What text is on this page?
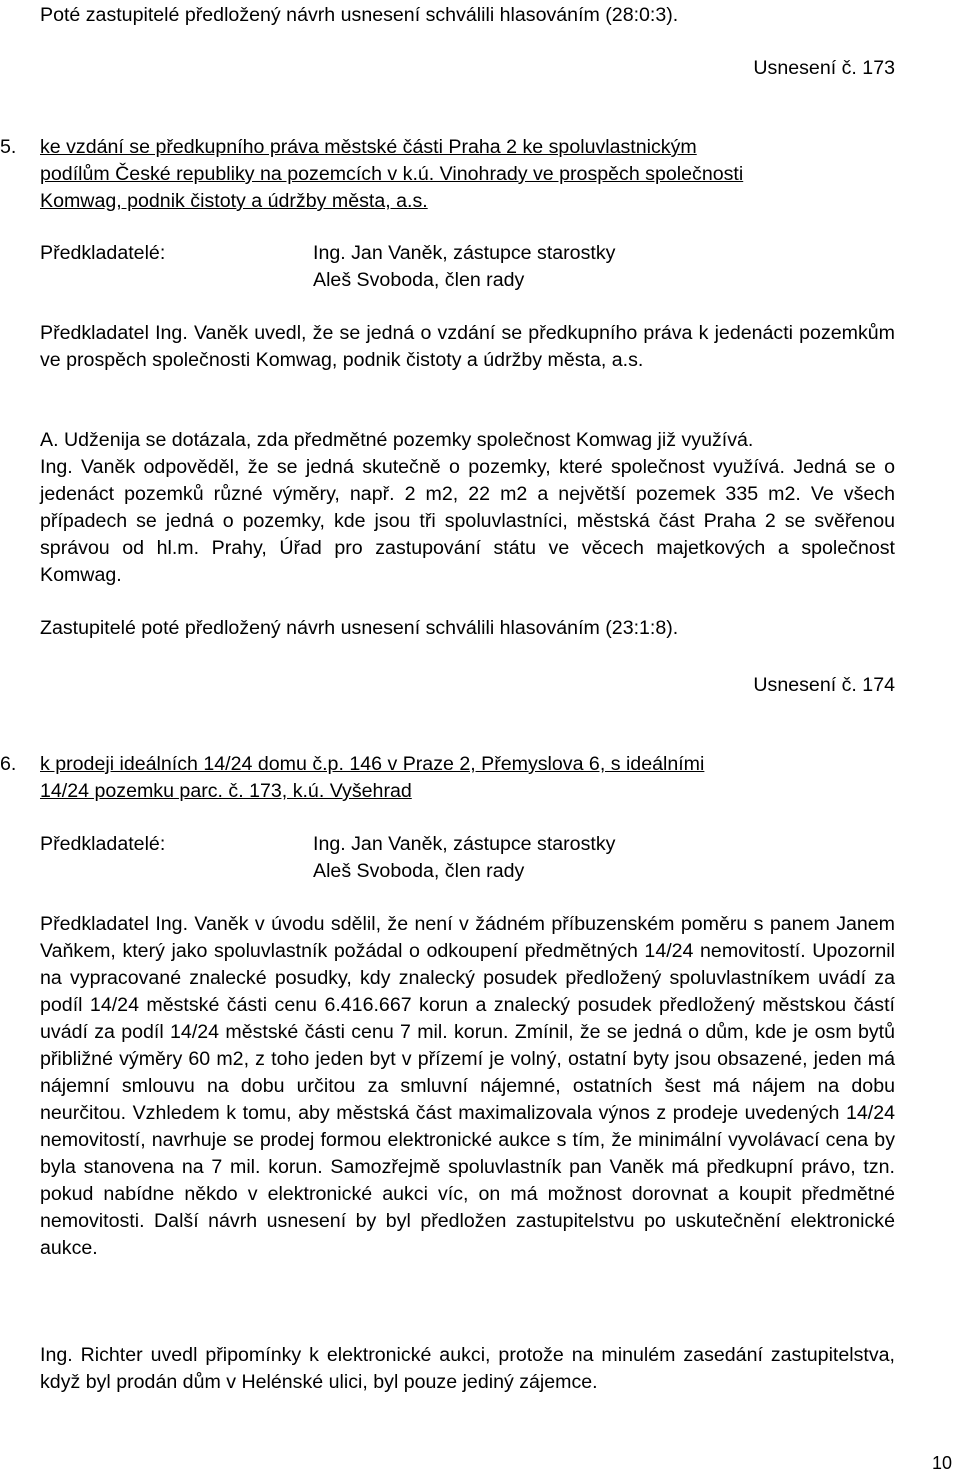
Poté zastupitelé předložený návrh usnesení schválili hlasováním (28:0:3).

Usnesení č. 173
5. ke vzdání se předkupního práva městské části Praha 2 ke spoluvlastnickým
podílům České republiky na pozemcích v k.ú. Vinohrady ve prospěch společnosti
Komwag, podnik čistoty a údržby města, a.s.
Předkladatelé:	Ing. Jan Vaněk, zástupce starostky
Aleš Svoboda, člen rady

Předkladatel Ing. Vaněk uvedl, že se jedná o vzdání se předkupního práva k jedenácti pozemkům ve prospěch společnosti Komwag, podnik čistoty a údržby města, a.s.

A. Udženija se dotázala, zda předmětné pozemky společnost Komwag již využívá.
Ing. Vaněk odpověděl, že se jedná skutečně o pozemky, které společnost využívá. Jedná se o jedenáct pozemků různé výměry, např. 2 m2, 22 m2 a největší pozemek 335 m2. Ve všech případech se jedná o pozemky, kde jsou tři spoluvlastníci, městská část Praha 2 se svěřenou správou od hl.m. Prahy, Úřad pro zastupování státu ve věcech majetkových a společnost Komwag.

Zastupitelé poté předložený návrh usnesení schválili hlasováním (23:1:8).

Usnesení č. 174
6. k prodeji ideálních 14/24 domu č.p. 146 v Praze 2, Přemyslova 6, s ideálními
14/24 pozemku parc. č. 173, k.ú. Vyšehrad
Předkladatelé:	Ing. Jan Vaněk, zástupce starostky
Aleš Svoboda, člen rady

Předkladatel Ing. Vaněk v úvodu sdělil, že není v žádném příbuzenském poměru s panem Janem Vaňkem, který jako spoluvlastník požádal o odkoupení předmětných 14/24 nemovitostí. Upozornil na vypracované znalecké posudky, kdy znalecký posudek předložený spoluvlastníkem uvádí za podíl 14/24 městské části cenu 6.416.667 korun a znalecký posudek předložený městskou částí uvádí za podíl 14/24 městské části cenu 7 mil. korun. Zmínil, že se jedná o dům, kde je osm bytů přibližné výměry 60 m2, z toho jeden byt v přízemí je volný, ostatní byty jsou obsazené, jeden má nájemní smlouvu na dobu určitou za smluvní nájemné, ostatních šest má nájem na dobu neurčitou. Vzhledem k tomu, aby městská část maximalizovala výnos z prodeje uvedených 14/24 nemovitostí, navrhuje se prodej formou elektronické aukce s tím, že minimální vyvolávací cena by byla stanovena na 7 mil. korun. Samozřejmě spoluvlastník pan Vaněk má předkupní právo, tzn. pokud nabídne někdo v elektronické aukci víc, on má možnost dorovnat a koupit předmětné nemovitosti. Další návrh usnesení by byl předložen zastupitelstvu po uskutečnění elektronické aukce.

Ing. Richter uvedl připomínky k elektronické aukci, protože na minulém zasedání zastupitelstva, když byl prodán dům v Helénské ulici, byl pouze jediný zájemce.

10
